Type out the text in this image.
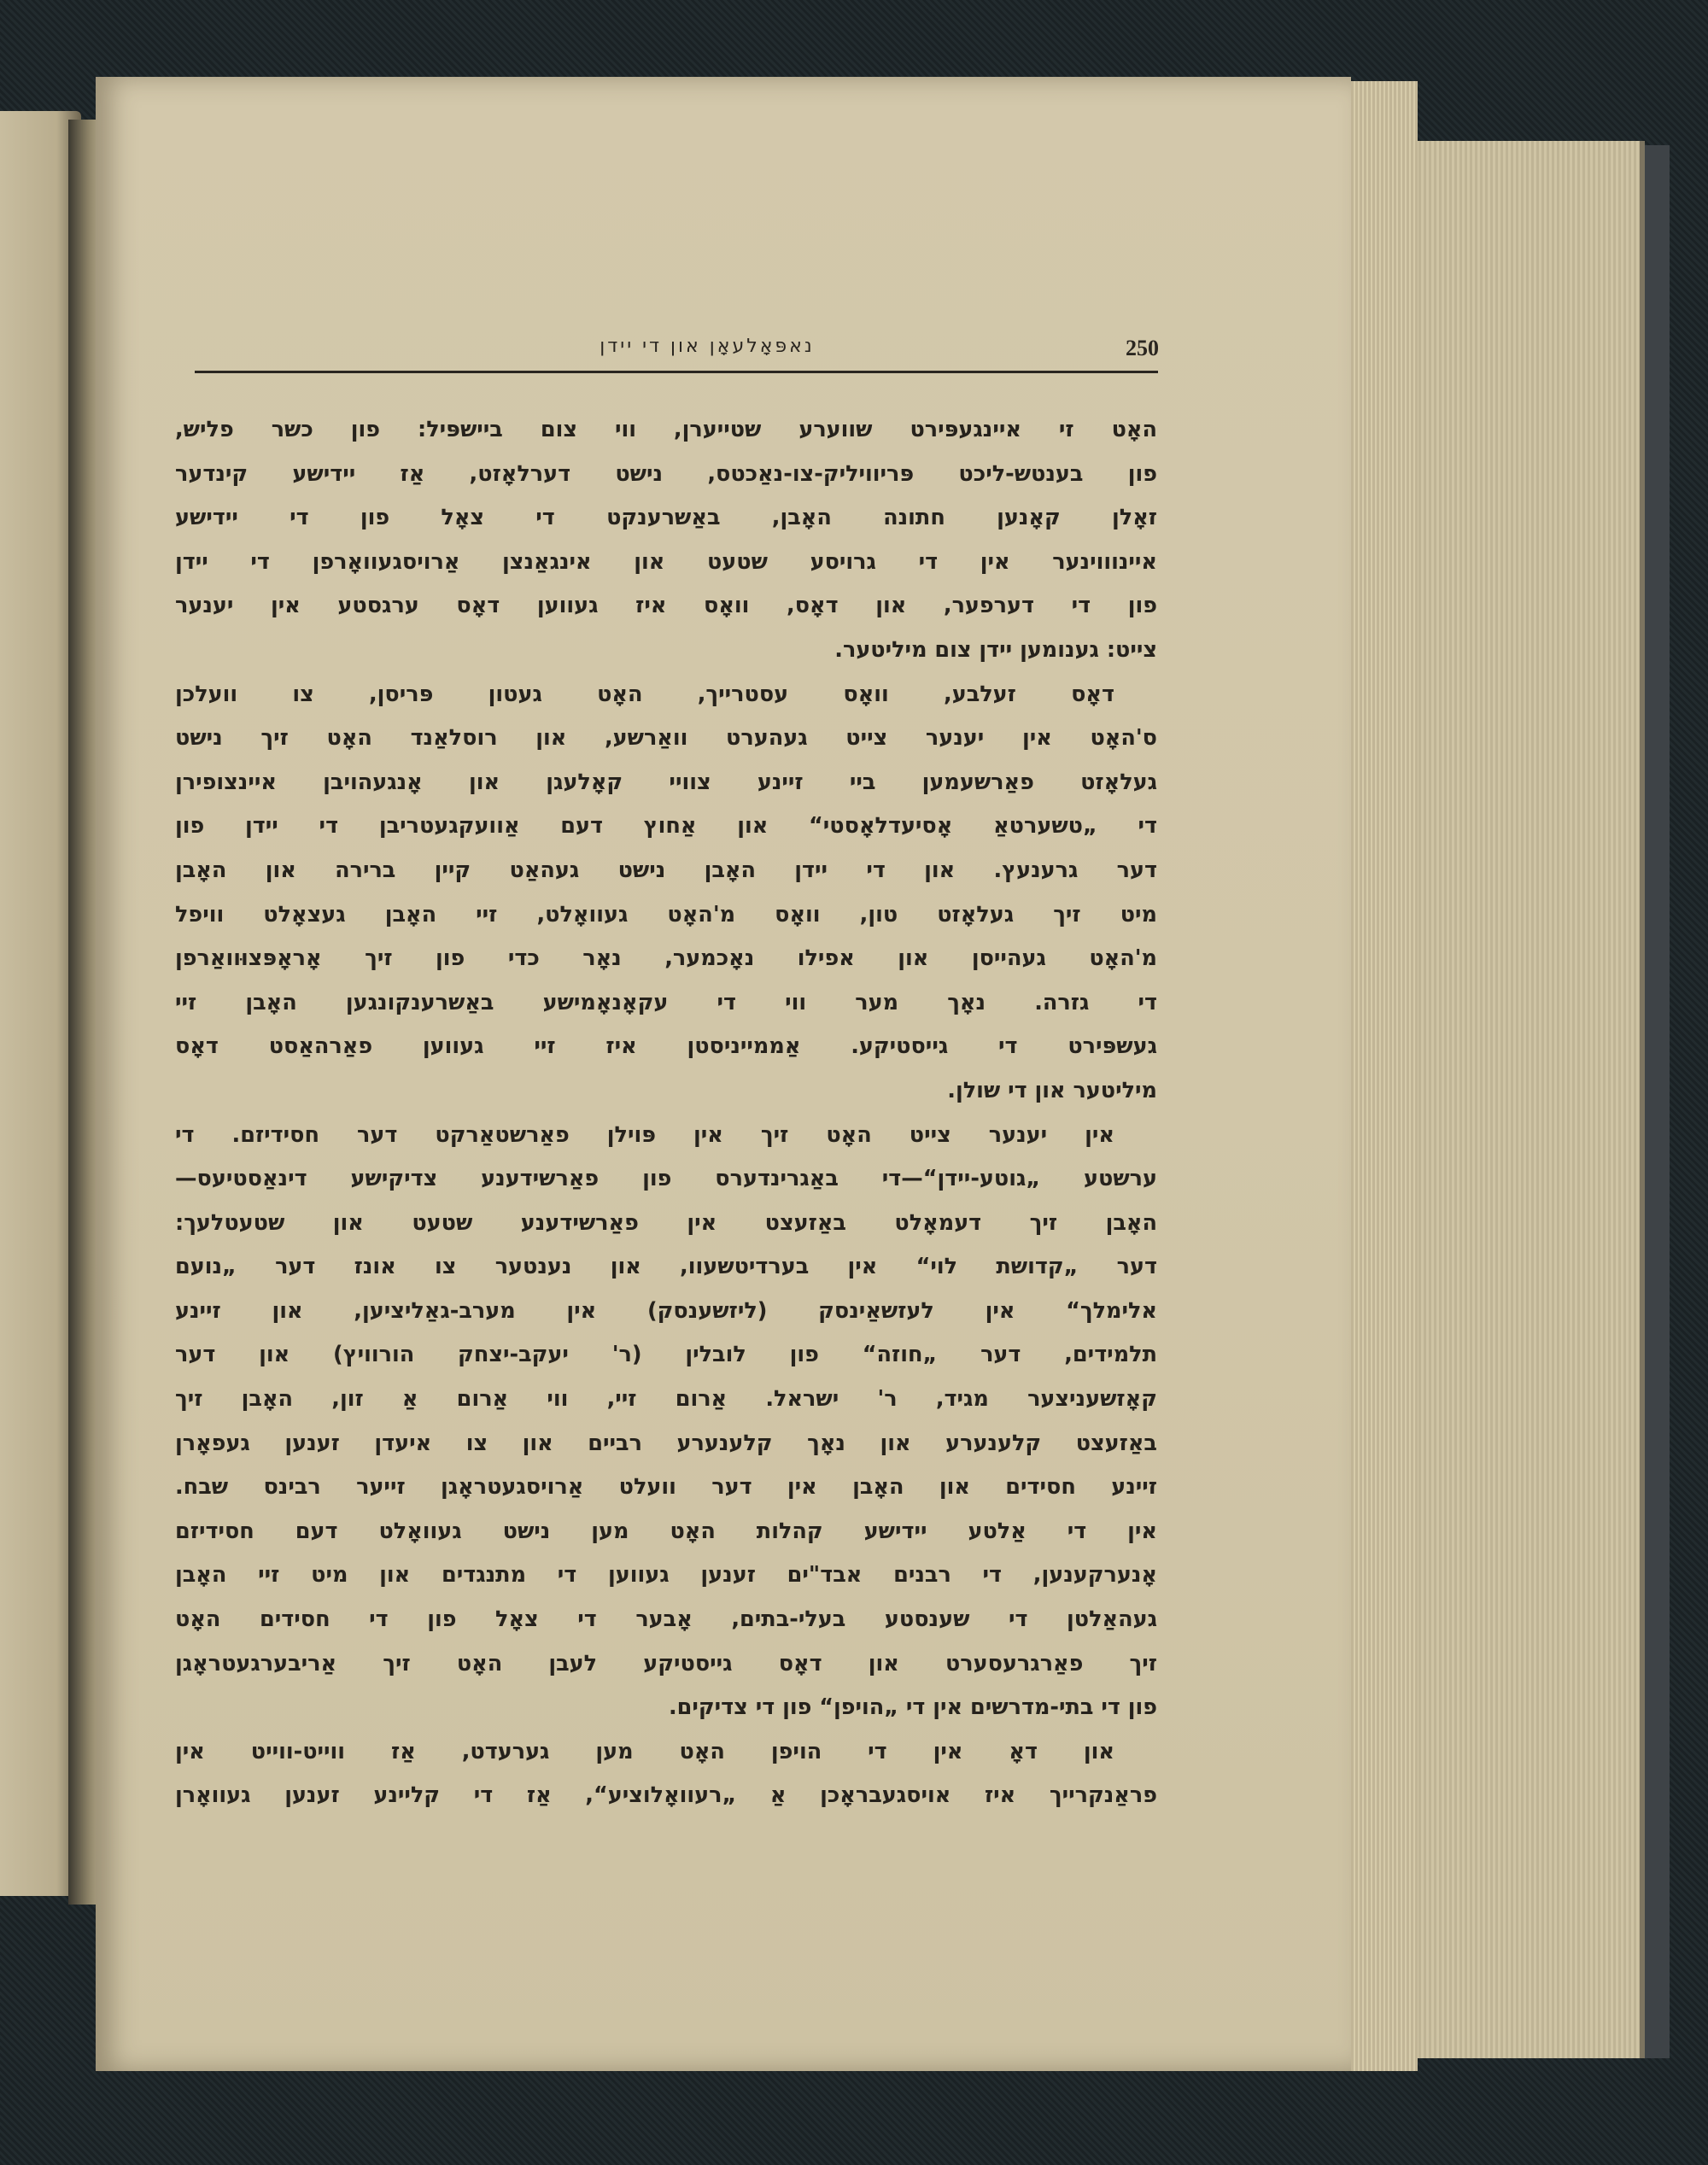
250
נאפּאָלעאָן און די יידן
האָט זי איינגעפּירט שווערע שטייערן, ווי צום ביישפּיל: פון כשר פליש,
פון בענטש-ליכט פּריוויליק-צו-נאַכטס, נישט דערלאָזט, אַז יידישע קינדער
זאָלן קאָנען חתונה האָבן, באַשרענקט די צאָל פון די יידישע
איינוווינער אין די גרויסע שטעט און אינגאַנצן אַרויסגעוואָרפן די יידן
פון די דערפער, און דאָס, וואָס איז געווען דאָס ערגסטע אין יענער
צייט: גענומען יידן צום מיליטער.
דאָס זעלבע, וואָס עסטרייך, האָט געטון פּריסן, צו וועלכן
ס'האָט אין יענער צייט געהערט וואַרשע, און רוסלאַנד האָט זיך נישט
געלאָזט פאַרשעמען ביי זיינע צוויי קאָלעגן און אָנגעהויבן איינצופירן
די „טשערטאַ אָסיעדלאָסטי“ און אַחוץ דעם אַוועקגעטריבן די יידן פון
דער גרענעץ. און די יידן האָבן נישט געהאַט קיין ברירה און האָבן
מיט זיך געלאָזט טון, וואָס מ'האָט געוואָלט, זיי האָבן געצאָלט וויפל
מ'האָט געהייסן און אפילו נאָכמער, נאָר כדי פון זיך אָראָפּצוּוואַרפן
די גזרה. נאָך מער ווי די עקאָנאָמישע באַשרענקונגען האָבן זיי
געשפּירט די גייסטיקע. אַממייניסטן איז זיי געווען פאַרהאַסט דאָס
מיליטער און די שולן.
אין יענער צייט האָט זיך אין פּוילן פאַרשטאַרקט דער חסידיזם. די
ערשטע „גוטע-יידן“—די באַגרינדערס פון פאַרשידענע צדיקישע דינאַסטיעס—
האָבן זיך דעמאָלט באַזעצט אין פאַרשידענע שטעט און שטעטלעך:
דער „קדושת לוי“ אין בערדיטשעוו, און נענטער צו אונז דער „נועם
אלימלך“ אין לעזשאַינסק (ליזשענסק) אין מערב-גאַליציען, און זיינע
תלמידים, דער „חוזה“ פון לובלין (ר' יעקב-יצחק הורוויץ) און דער
קאָזשעניצער מגיד, ר' ישראל. אַרום זיי, ווי אַרום אַ זון, האָבן זיך
באַזעצט קלענערע און נאָך קלענערע רביים און צו איעדן זענען געפאָרן
זיינע חסידים און האָבן אין דער וועלט אַרויסגעטראָגן זייער רבינס שבח.
אין די אַלטע יידישע קהלות האָט מען נישט געוואָלט דעם חסידיזם
אָנערקענען, די רבנים אבד"ים זענען געווען די מתנגדים און מיט זיי האָבן
געהאַלטן די שענסטע בעלי-בתים, אָבער די צאָל פון די חסידים האָט
זיך פאַרגרעסערט און דאָס גייסטיקע לעבן האָט זיך אַריבערגעטראָגן
פון די בתי-מדרשים אין די „הויפן“ פון די צדיקים.
און דאָ אין די הויפן האָט מען גערעדט, אַז ווייט-ווייט אין
פראַנקרייך איז אויסגעבראָכן אַ „רעוואָלוציע“, אַז די קליינע זענען געוואָרן
